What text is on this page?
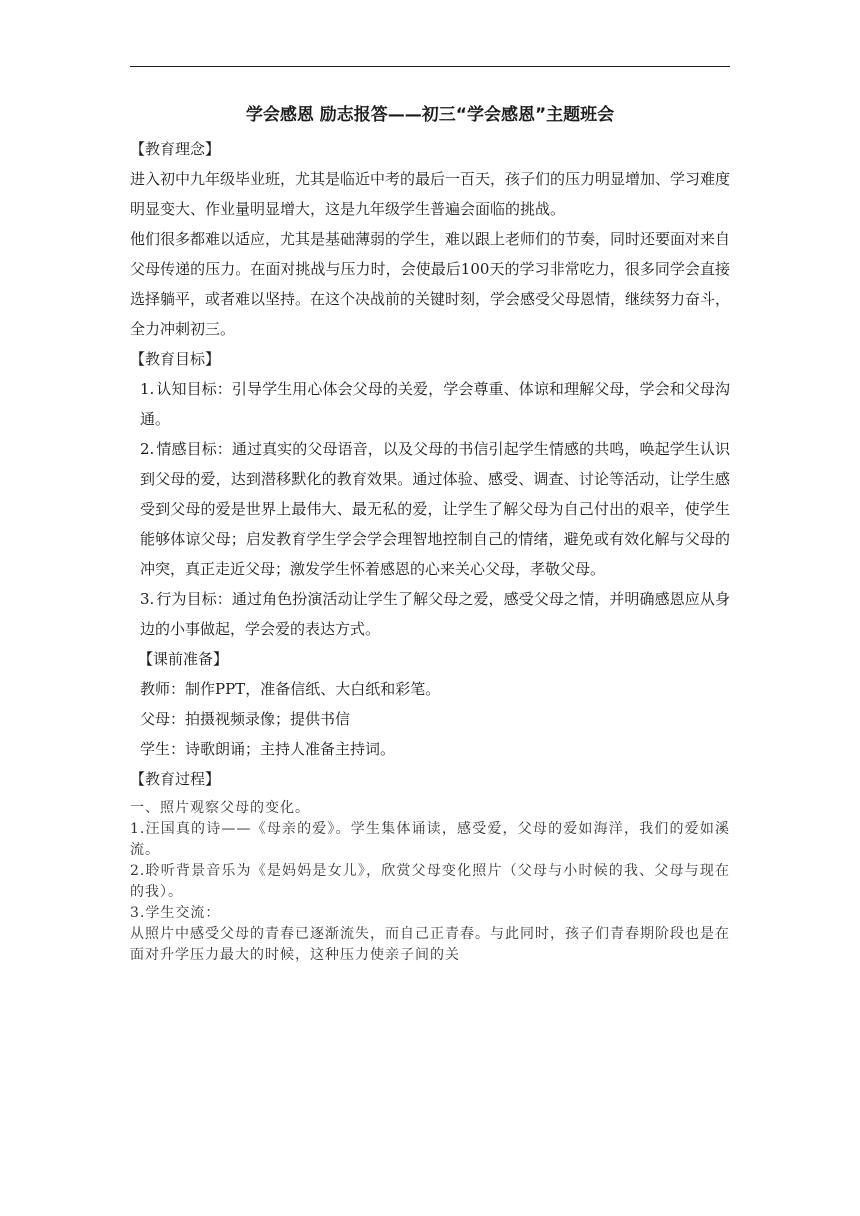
学会感恩 励志报答——初三“学会感恩”主题班会

【教育理念】

进入初中九年级毕业班，尤其是临近中考的最后一百天，孩子们的压力明显增加、学习难度明显变大、作业量明显增大，这是九年级学生普遍会面临的挑战。

他们很多都难以适应，尤其是基础薄弱的学生，难以跟上老师们的节奏，同时还要面对来自父母传递的压力。在面对挑战与压力时，会使最后100天的学习非常吃力，很多同学会直接选择躺平，或者难以坚持。在这个决战前的关键时刻，学会感受父母恩情，继续努力奋斗，全力冲刺初三。

【教育目标】

1. 认知目标：引导学生用心体会父母的关爱，学会尊重、体谅和理解父母，学会和父母沟通。

2. 情感目标：通过真实的父母语音，以及父母的书信引起学生情感的共鸣，唤起学生认识到父母的爱，达到潜移默化的教育效果。通过体验、感受、调查、讨论等活动，让学生感受到父母的爱是世界上最伟大、最无私的爱，让学生了解父母为自己付出的艰辛，使学生能够体谅父母；启发教育学生学会学会理智地控制自己的情绪，避免或有效化解与父母的冲突，真正走近父母；激发学生怀着感恩的心来关心父母，孝敬父母。

3. 行为目标：通过角色扮演活动让学生了解父母之爱，感受父母之情，并明确感恩应从身边的小事做起，学会爱的表达方式。

【课前准备】

教师：制作PPT，准备信纸、大白纸和彩笔。

父母：拍摄视频录像；提供书信

学生：诗歌朗诵；主持人准备主持词。

【教育过程】

一、照片观察父母的变化。

1.汪国真的诗——《母亲的爱》。学生集体诵读，感受爱，父母的爱如海洋，我们的爱如溪流。

2.聆听背景音乐为《是妈妈是女儿》，欣赏父母变化照片（父母与小时候的我、父母与现在的我）。

3.学生交流：

从照片中感受父母的青春已逐渐流失，而自己正青春。与此同时，孩子们青春期阶段也是在面对升学压力最大的时候，这种压力使亲子间的关
